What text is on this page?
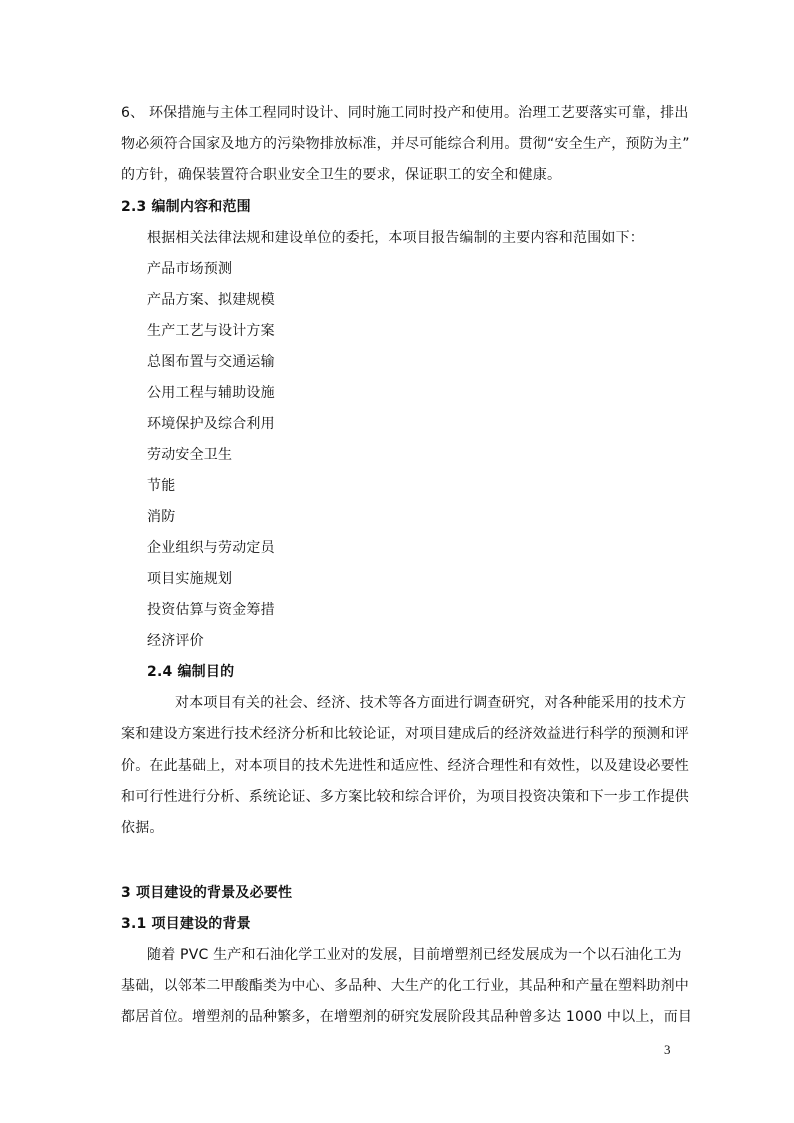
6、 环保措施与主体工程同时设计、同时施工同时投产和使用。治理工艺要落实可靠，排出
物必须符合国家及地方的污染物排放标准，并尽可能综合利用。贯彻“安全生产，预防为主”
的方针，确保装置符合职业安全卫生的要求，保证职工的安全和健康。
2.3 编制内容和范围
根据相关法律法规和建设单位的委托，本项目报告编制的主要内容和范围如下：
产品市场预测
产品方案、拟建规模
生产工艺与设计方案
总图布置与交通运输
公用工程与辅助设施
环境保护及综合利用
劳动安全卫生
节能
消防
企业组织与劳动定员
项目实施规划
投资估算与资金筹措
经济评价
2.4 编制目的
对本项目有关的社会、经济、技术等各方面进行调查研究，对各种能采用的技术方
案和建设方案进行技术经济分析和比较论证，对项目建成后的经济效益进行科学的预测和评
价。在此基础上，对本项目的技术先进性和适应性、经济合理性和有效性，以及建设必要性
和可行性进行分析、系统论证、多方案比较和综合评价，为项目投资决策和下一步工作提供
依据。
3 项目建设的背景及必要性
3.1 项目建设的背景
随着 PVC 生产和石油化学工业对的发展，目前增塑剂已经发展成为一个以石油化工为
基础，以邻苯二甲酸酯类为中心、多品种、大生产的化工行业，其品种和产量在塑料助剂中
都居首位。增塑剂的品种繁多，在增塑剂的研究发展阶段其品种曾多达 1000 中以上，而目
3
